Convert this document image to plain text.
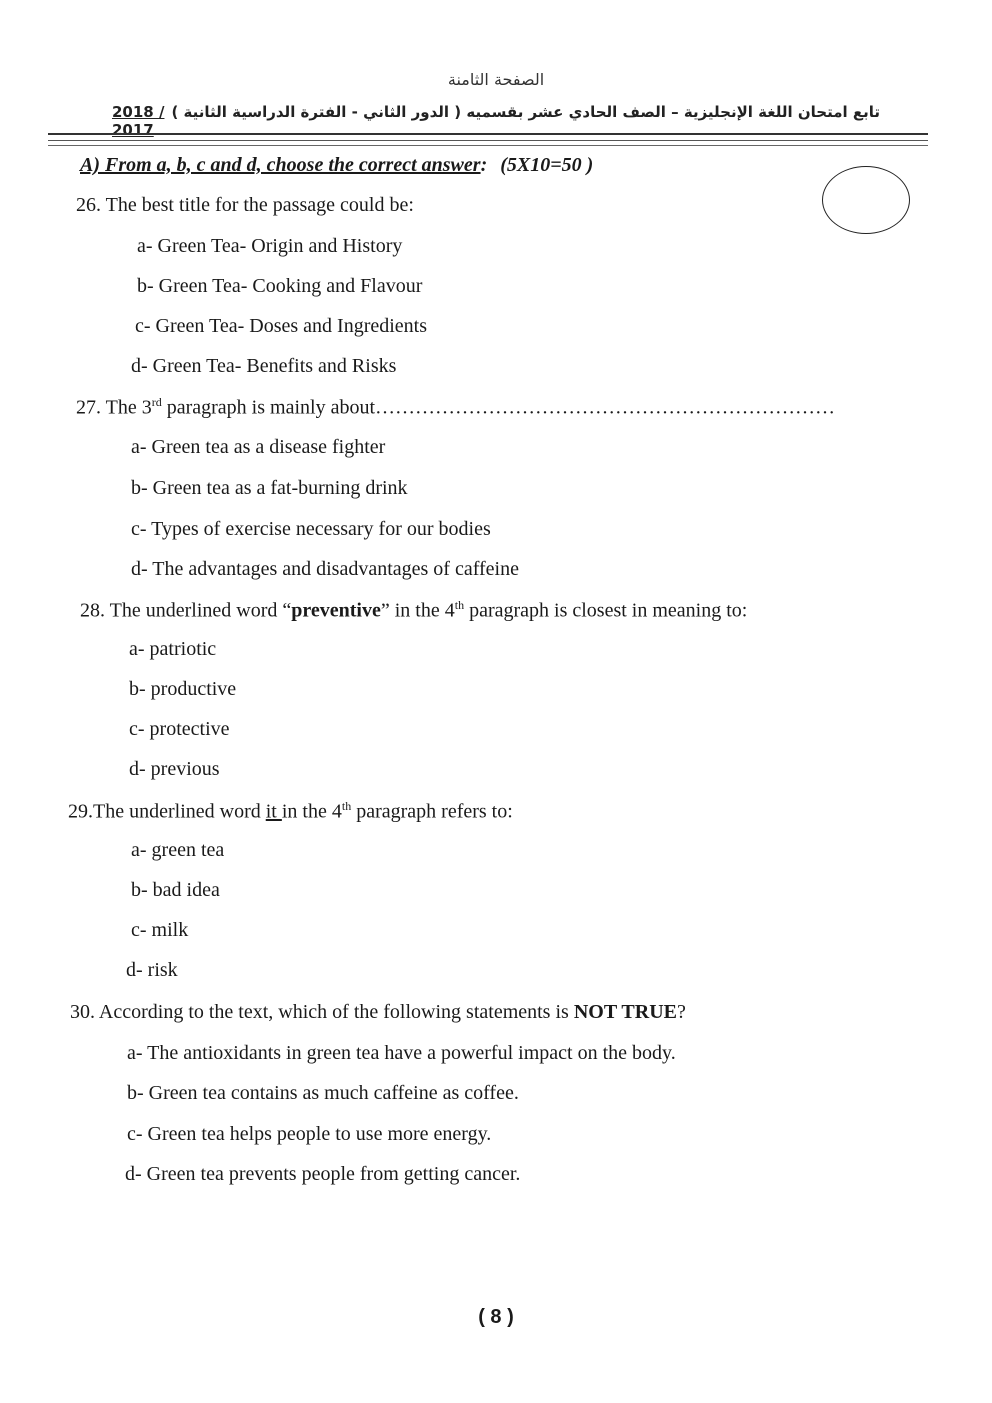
الصفحة الثامنة
2018 / 2017
تابع امتحان اللغة الإنجليزية – الصف الحادي عشر بقسميه ( الدور الثاني - الفترة الدراسية الثانية )
A) From a, b, c and d, choose the correct answer: (5X10=50 )
26. The best title for the passage could be:
a- Green Tea- Origin and History
b- Green Tea- Cooking and Flavour
c- Green Tea- Doses and Ingredients
d- Green Tea- Benefits and Risks
27. The 3rd paragraph is mainly about……………………………………………………………
a- Green tea as a disease fighter
b- Green tea as a fat-burning drink
c- Types of exercise necessary for our bodies
d- The advantages and disadvantages of caffeine
28. The underlined word “preventive” in the 4th paragraph is closest in meaning to:
a- patriotic
b- productive
c- protective
d- previous
29.The underlined word it in the 4th paragraph refers to:
a- green tea
b- bad idea
c- milk
d- risk
30. According to the text, which of the following statements is NOT TRUE?
a- The antioxidants in green tea have a powerful impact on the body.
b- Green tea contains as much caffeine as coffee.
c- Green tea helps people to use more energy.
d- Green tea prevents people from getting cancer.
( 8 )
